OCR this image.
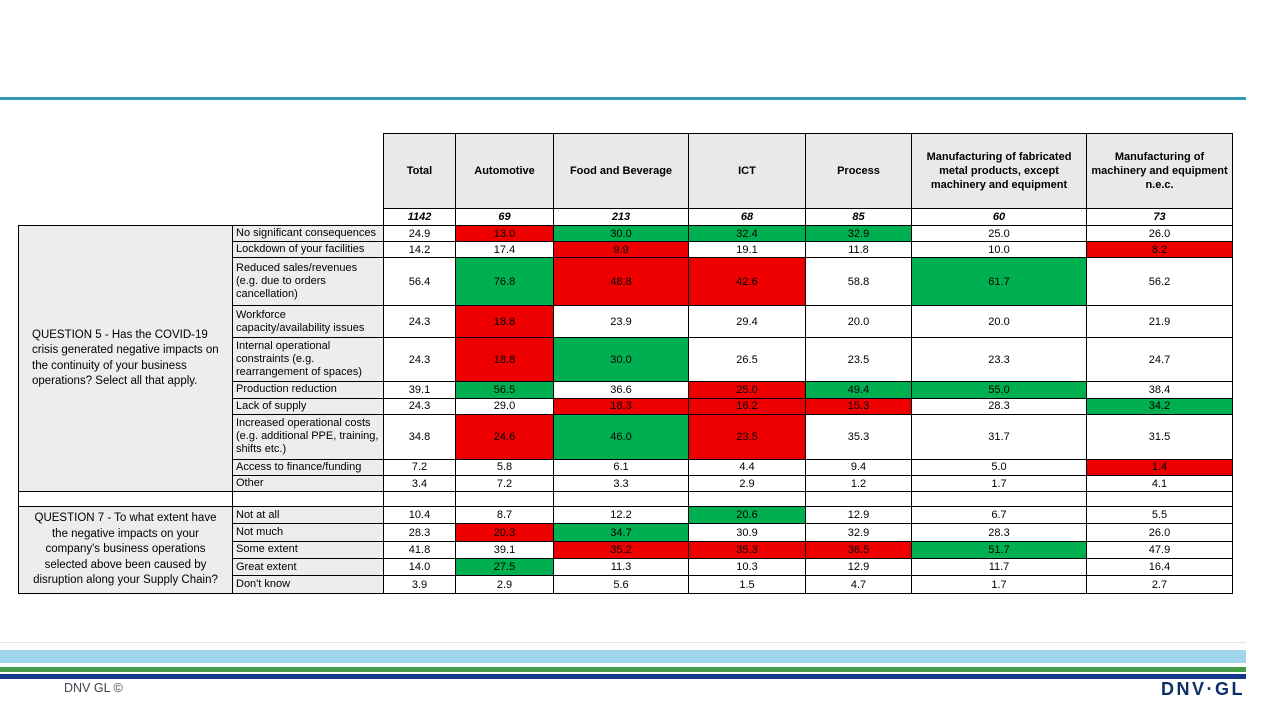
		Total	Automotive	Food and Beverage	ICT	Process	Manufacturing of fabricated metal products, except machinery and equipment	Manufacturing of machinery and equipment n.e.c.
		1142	69	213	68	85	60	73
QUESTION 5 - Has the COVID-19 crisis generated negative impacts on the continuity of your business operations? Select all that apply.	No significant consequences	24.9	13.0	30.0	32.4	32.9	25.0	26.0
	Lockdown of your facilities	14.2	17.4	9.9	19.1	11.8	10.0	8.2
	Reduced sales/revenues (e.g. due to orders cancellation)	56.4	76.8	48.8	42.6	58.8	61.7	56.2
	Workforce capacity/availability issues	24.3	18.8	23.9	29.4	20.0	20.0	21.9
	Internal operational constraints (e.g. rearrangement of spaces)	24.3	18.8	30.0	26.5	23.5	23.3	24.7
	Production reduction	39.1	56.5	36.6	25.0	49.4	55.0	38.4
	Lack of supply	24.3	29.0	18.3	16.2	15.3	28.3	34.2
	Increased operational costs (e.g. additional PPE, training, shifts etc.)	34.8	24.6	46.0	23.5	35.3	31.7	31.5
	Access to finance/funding	7.2	5.8	6.1	4.4	9.4	5.0	1.4
	Other	3.4	7.2	3.3	2.9	1.2	1.7	4.1

QUESTION 7 - To what extent have the negative impacts on your company's business operations selected above been caused by disruption along your Supply Chain?	Not at all	10.4	8.7	12.2	20.6	12.9	6.7	5.5
	Not much	28.3	20.3	34.7	30.9	32.9	28.3	26.0
	Some extent	41.8	39.1	35.2	35.3	36.5	51.7	47.9
	Great extent	14.0	27.5	11.3	10.3	12.9	11.7	16.4
	Don't know	3.9	2.9	5.6	1.5	4.7	1.7	2.7
DNV GL ©	DNV·GL
